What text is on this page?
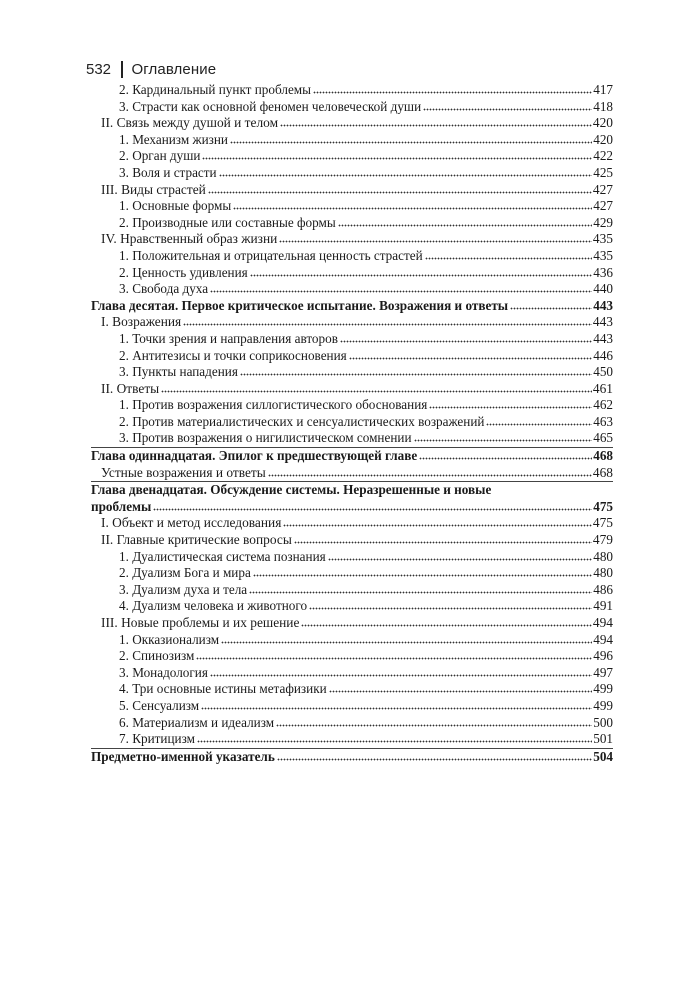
532 Оглавление
2. Кардинальный пункт проблемы	417
3. Страсти как основной феномен человеческой души	418
II. Связь между душой и телом	420
1. Механизм жизни	420
2. Орган души	422
3. Воля и страсти	425
III. Виды страстей	427
1. Основные формы	427
2. Производные или составные формы	429
IV. Нравственный образ жизни	435
1. Положительная и отрицательная ценность страстей	435
2. Ценность удивления	436
3. Свобода духа	440
Глава десятая. Первое критическое испытание. Возражения и ответы	443
I. Возражения	443
1. Точки зрения и направления авторов	443
2. Антитезисы и точки соприкосновения	446
3. Пункты нападения	450
II. Ответы	461
1. Против возражения силлогистического обоснования	462
2. Против материалистических и сенсуалистических возражений	463
3. Против возражения о нигилистическом сомнении	465
Глава одиннадцатая. Эпилог к предшествующей главе	468
Устные возражения и ответы	468
Глава двенадцатая. Обсуждение системы. Неразрешенные и новые
проблемы	475
I. Объект и метод исследования	475
II. Главные критические вопросы	479
1. Дуалистическая система познания	480
2. Дуализм Бога и мира	480
3. Дуализм духа и тела	486
4. Дуализм человека и животного	491
III. Новые проблемы и их решение	494
1. Окказионализм	494
2. Спинозизм	496
3. Монадология	497
4. Три основные истины метафизики	499
5. Сенсуализм	499
6. Материализм и идеализм	500
7. Критицизм	501
Предметно-именной указатель	504
